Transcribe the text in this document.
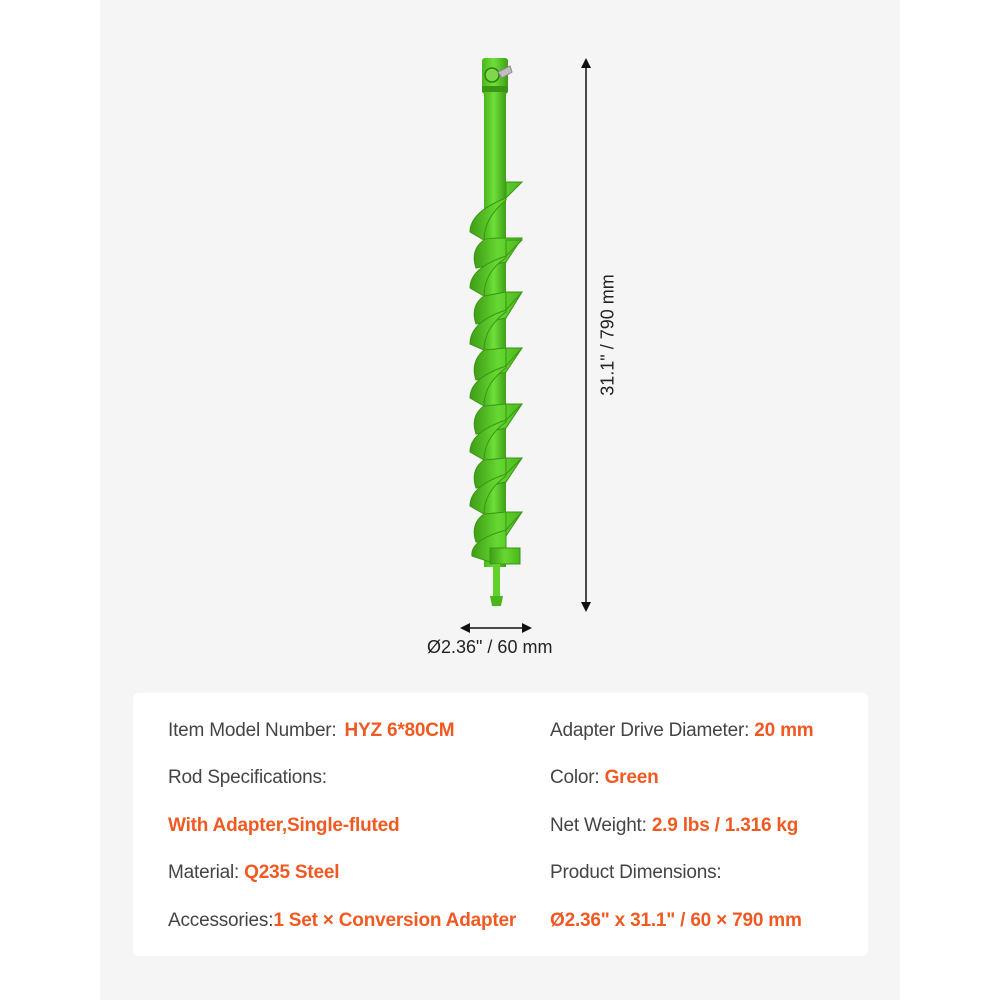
31.1" / 790 mm
Ø2.36" / 60 mm
Item Model Number: HYZ 6*80CM
Rod Specifications:
With Adapter,Single-fluted
Material: Q235 Steel
Accessories:1 Set × Conversion Adapter
Adapter Drive Diameter: 20 mm
Color: Green
Net Weight: 2.9 lbs / 1.316 kg
Product Dimensions:
Ø2.36" x 31.1" / 60 × 790 mm
